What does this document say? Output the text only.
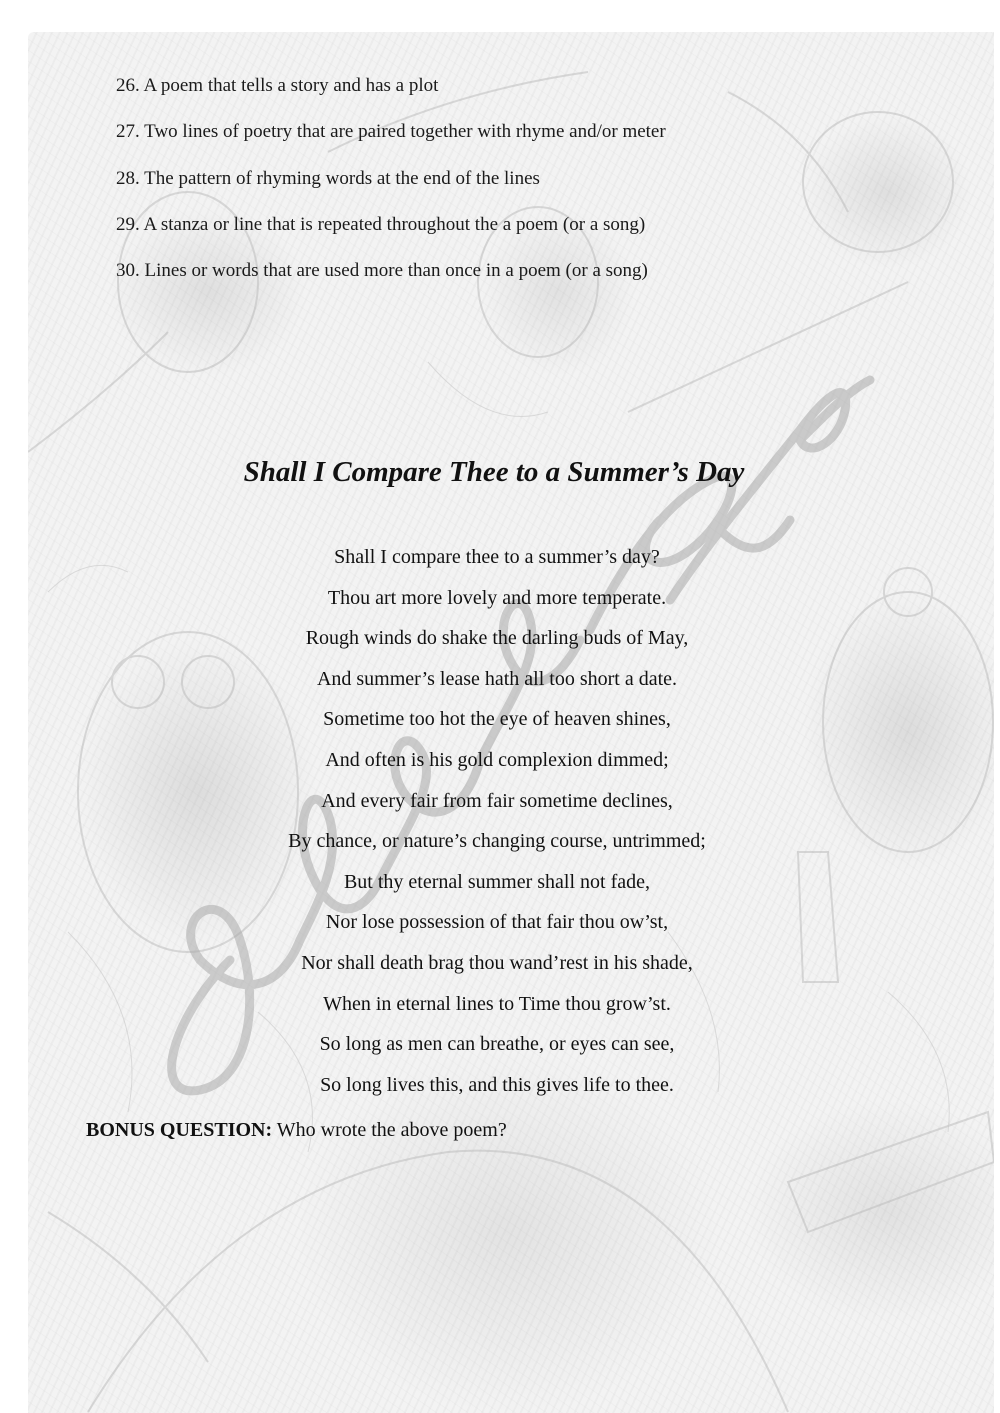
26. A poem that tells a story and has a plot
27. Two lines of poetry that are paired together with rhyme and/or meter
28. The pattern of rhyming words at the end of the lines
29. A stanza or line that is repeated throughout the a poem (or a song)
30. Lines or words that are used more than once in a poem (or a song)
Shall I Compare Thee to a Summer’s Day
Shall I compare thee to a summer’s day?
Thou art more lovely and more temperate.
Rough winds do shake the darling buds of May,
And summer’s lease hath all too short a date.
Sometime too hot the eye of heaven shines,
And often is his gold complexion dimmed;
And every fair from fair sometime declines,
By chance, or nature’s changing course, untrimmed;
But thy eternal summer shall not fade,
Nor lose possession of that fair thou ow’st,
Nor shall death brag thou wand’rest in his shade,
When in eternal lines to Time thou grow’st.
So long as men can breathe, or eyes can see,
So long lives this, and this gives life to thee.
BONUS QUESTION: Who wrote the above poem?
